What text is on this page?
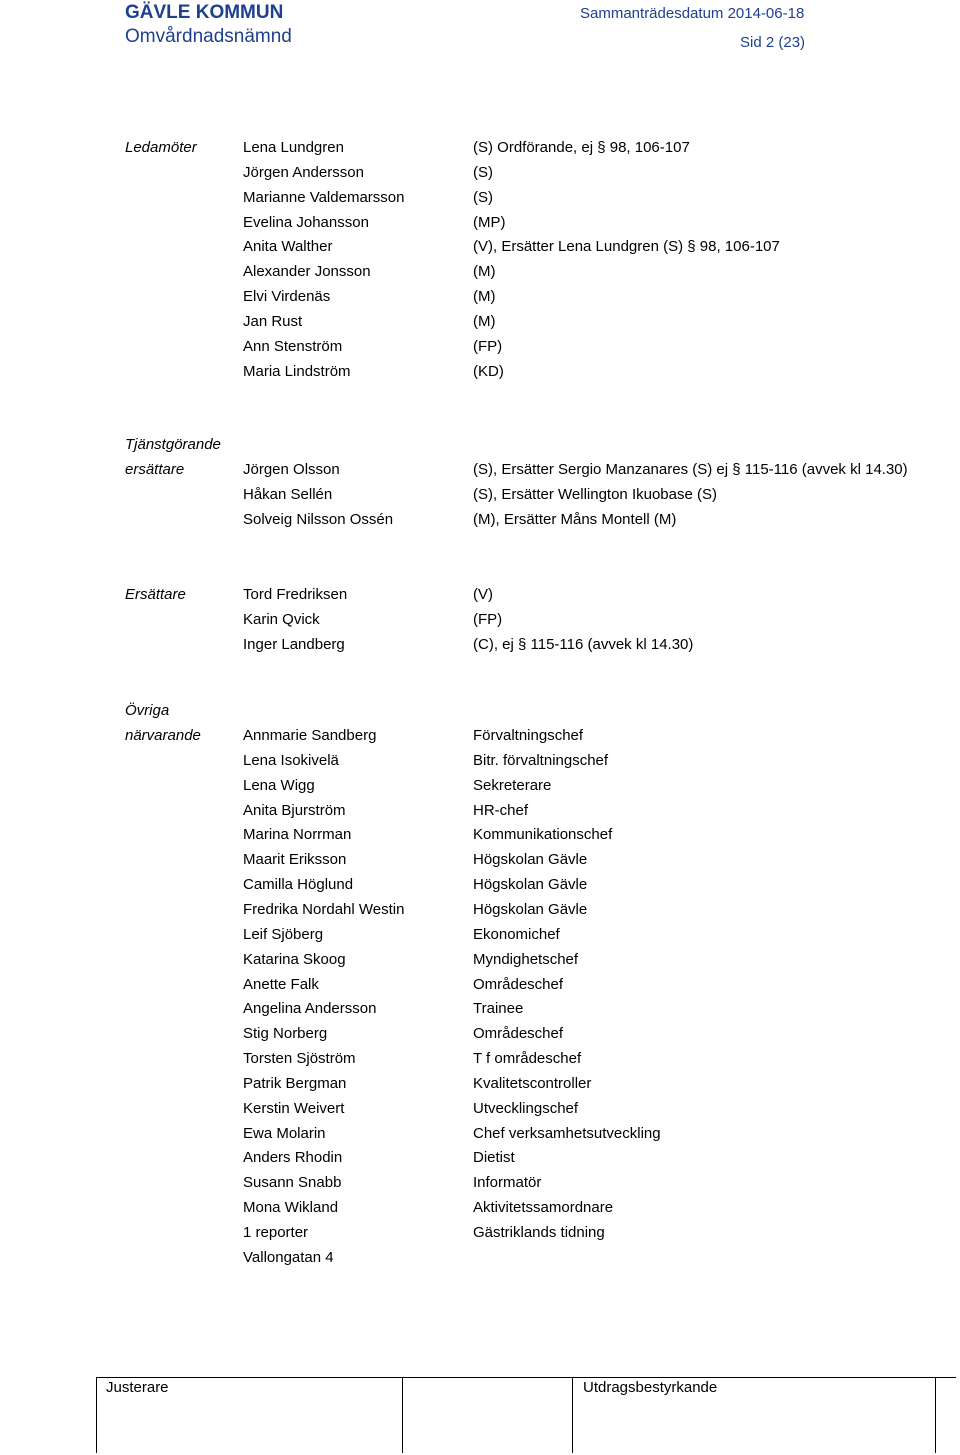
GÄVLE KOMMUN
Omvårdnadsnämnd
Sammanträdesdatum 2014-06-18
Sid 2 (23)
Ledamöter	Lena Lundgren	(S) Ordförande, ej § 98, 106-107
Jörgen Andersson	(S)
Marianne Valdemarsson	(S)
Evelina Johansson	(MP)
Anita Walther	(V), Ersätter Lena Lundgren (S) § 98, 106-107
Alexander Jonsson	(M)
Elvi Virdenäs	(M)
Jan Rust	(M)
Ann Stenström	(FP)
Maria Lindström	(KD)
Tjänstgörande
ersättare	Jörgen Olsson	(S), Ersätter Sergio Manzanares (S) ej § 115-116 (avvek kl 14.30)
Håkan Sellén	(S), Ersätter Wellington Ikuobase (S)
Solveig Nilsson Ossén	(M), Ersätter Måns Montell (M)
Ersättare	Tord Fredriksen	(V)
Karin Qvick	(FP)
Inger Landberg	(C), ej § 115-116 (avvek kl 14.30)
Övriga
närvarande	Annmarie Sandberg	Förvaltningschef
Lena Isokivelä	Bitr. förvaltningschef
Lena Wigg	Sekreterare
Anita Bjurström	HR-chef
Marina Norrman	Kommunikationschef
Maarit Eriksson	Högskolan Gävle
Camilla Höglund	Högskolan Gävle
Fredrika Nordahl Westin	Högskolan Gävle
Leif Sjöberg	Ekonomichef
Katarina Skoog	Myndighetschef
Anette Falk	Områdeschef
Angelina Andersson	Trainee
Stig Norberg	Områdeschef
Torsten Sjöström	T f områdeschef
Patrik Bergman	Kvalitetscontroller
Kerstin Weivert	Utvecklingschef
Ewa Molarin	Chef verksamhetsutveckling
Anders Rhodin	Dietist
Susann Snabb	Informatör
Mona Wikland	Aktivitetssamordnare
1 reporter	Gästriklands tidning
Vallongatan 4
Justerare	Utdragsbestyrkande
